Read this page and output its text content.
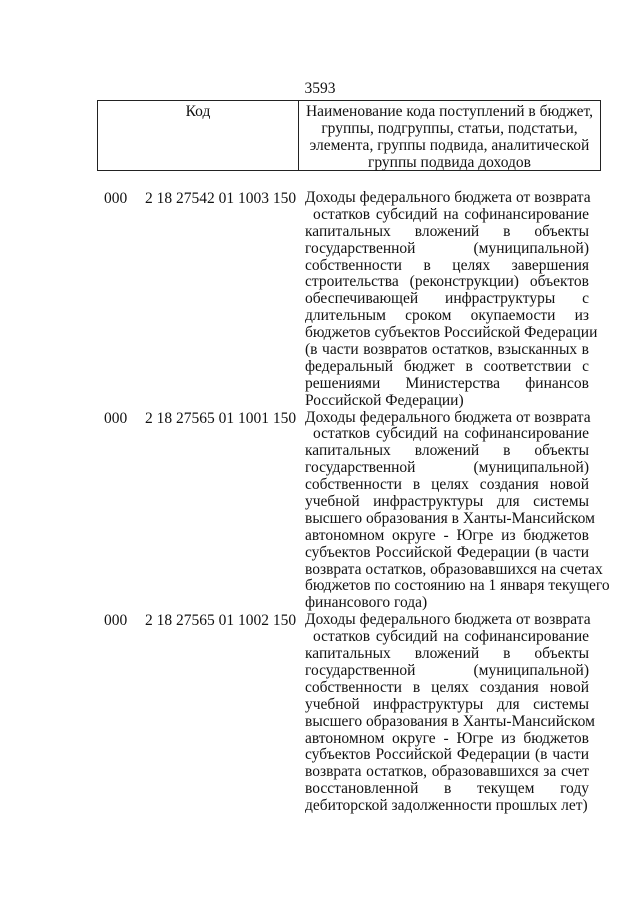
3593
Код	Наименование кода поступлений в бюджет,
группы, подгруппы, статьи, подстатьи,
элемента, группы подвида, аналитической
группы подвида доходов
000	2 18 27542 01 1003 150 Доходы федерального бюджета от возврата
остатков субсидий на софинансирование
капитальных вложений в объекты
государственной (муниципальной)
собственности в целях завершения
строительства (реконструкции) объектов
обеспечивающей инфраструктуры с
длительным сроком окупаемости из
бюджетов субъектов Российской Федерации
(в части возвратов остатков, взысканных в
федеральный бюджет в соответствии с
решениями Министерства финансов
Российской Федерации)
000	2 18 27565 01 1001 150 Доходы федерального бюджета от возврата
остатков субсидий на софинансирование
капитальных вложений в объекты
государственной (муниципальной)
собственности в целях создания новой
учебной инфраструктуры для системы
высшего образования в Ханты-Мансийском
автономном округе - Югре из бюджетов
субъектов Российской Федерации (в части
возврата остатков, образовавшихся на счетах
бюджетов по состоянию на 1 января текущего
финансового года)
000	2 18 27565 01 1002 150 Доходы федерального бюджета от возврата
остатков субсидий на софинансирование
капитальных вложений в объекты
государственной (муниципальной)
собственности в целях создания новой
учебной инфраструктуры для системы
высшего образования в Ханты-Мансийском
автономном округе - Югре из бюджетов
субъектов Российской Федерации (в части
возврата остатков, образовавшихся за счет
восстановленной в текущем году
дебиторской задолженности прошлых лет)
